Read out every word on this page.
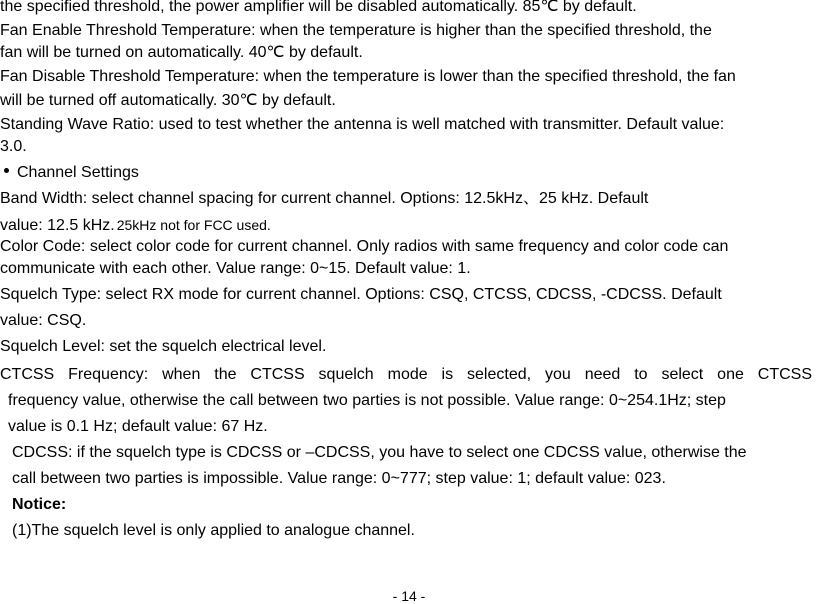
the specified threshold, the power amplifier will be disabled automatically. 85℃ by default.
Fan Enable Threshold Temperature: when the temperature is higher than the specified threshold, the
fan will be turned on automatically. 40℃ by default.
Fan Disable Threshold Temperature: when the temperature is lower than the specified threshold, the fan
will be turned off automatically. 30℃ by default.
Standing Wave Ratio: used to test whether the antenna is well matched with transmitter. Default value:
3.0.
Channel Settings
Band Width: select channel spacing for current channel. Options: 12.5kHz、25 kHz. Default
value: 12.5 kHz. 25kHz not for FCC used.
Color Code: select color code for current channel. Only radios with same frequency and color code can
communicate with each other. Value range: 0~15. Default value: 1.
Squelch Type: select RX mode for current channel. Options: CSQ, CTCSS, CDCSS, -CDCSS. Default
value: CSQ.
Squelch Level: set the squelch electrical level.
CTCSS Frequency: when the CTCSS squelch mode is selected, you need to select one CTCSS
frequency value, otherwise the call between two parties is not possible. Value range: 0~254.1Hz; step
value is 0.1 Hz; default value: 67 Hz.
CDCSS: if the squelch type is CDCSS or –CDCSS, you have to select one CDCSS value, otherwise the
call between two parties is impossible. Value range: 0~777; step value: 1; default value: 023.
Notice:
(1)The squelch level is only applied to analogue channel.
- 14 -
